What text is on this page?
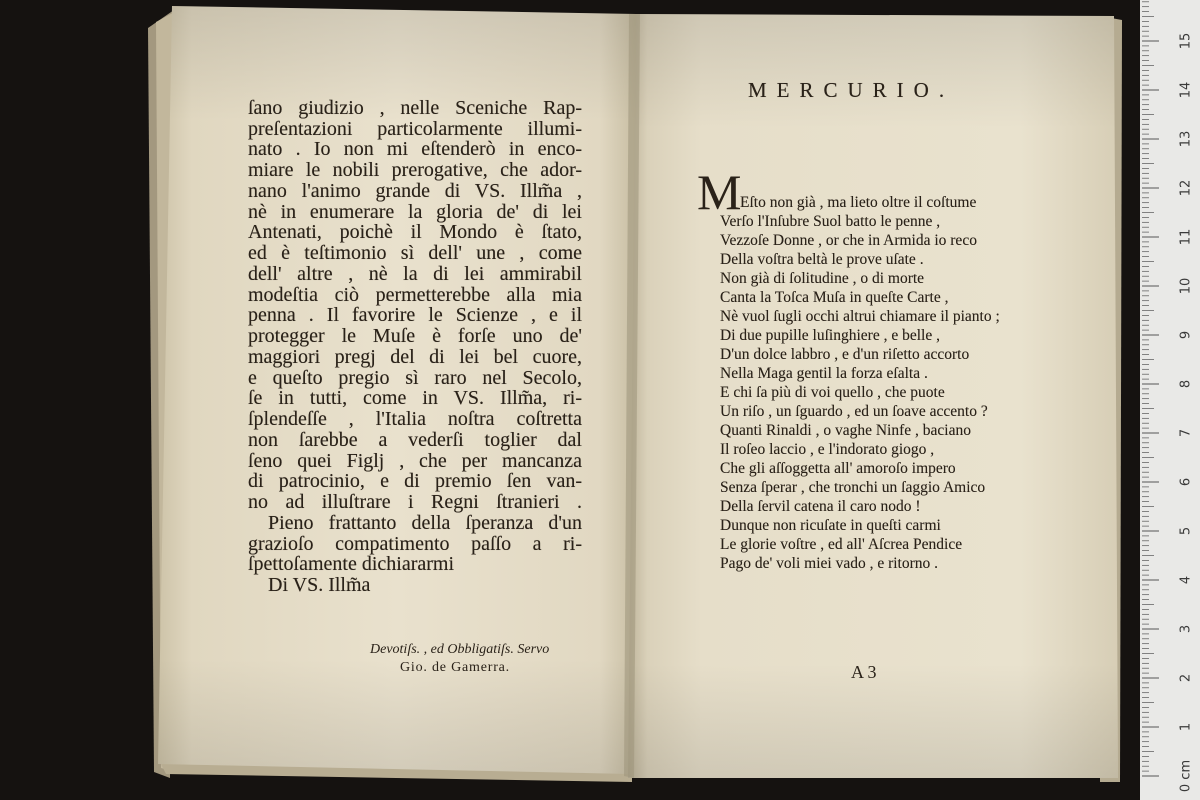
ſano giudizio , nelle Sceniche Rap-
preſentazioni particolarmente illumi-
nato . Io non mi eſtenderò in enco-
miare le nobili prerogative, che ador-
nano l'animo grande di VS. Illm̃a ,
nè in enumerare la gloria de' di lei
Antenati, poichè il Mondo è ſtato,
ed è teſtimonio sì dell' une , come
dell' altre , nè la di lei ammirabil
modeſtia ciò permetterebbe alla mia
penna . Il favorire le Scienze , e il
protegger le Muſe è forſe uno de'
maggiori pregj del di lei bel cuore,
e queſto pregio sì raro nel Secolo,
ſe in tutti, come in VS. Illm̃a, ri-
ſplendeſſe , l'Italia noſtra coſtretta
non ſarebbe a vederſi toglier dal
ſeno quei Figlj , che per mancanza
di patrocinio, e di premio ſen van-
no ad illuſtrare i Regni ſtranieri .
Pieno frattanto della ſperanza d'un
grazioſo compatimento paſſo a ri-
ſpettoſamente dichiararmi
Di VS. Illm̃a
Devotiſs. , ed Obbligatiſs. Servo
Gio. de Gamerra.
MERCURIO.
M
Eſto non già , ma lieto oltre il coſtume
Verſo l'Inſubre Suol batto le penne ,
Vezzoſe Donne , or che in Armida io reco
Della voſtra beltà le prove uſate .
Non già di ſolitudine , o di morte
Canta la Toſca Muſa in queſte Carte ,
Nè vuol ſugli occhi altrui chiamare il pianto ;
Di due pupille luſinghiere , e belle ,
D'un dolce labbro , e d'un riſetto accorto
Nella Maga gentil la forza eſalta .
E chi ſa più di voi quello , che puote
Un riſo , un ſguardo , ed un ſoave accento ?
Quanti Rinaldi , o vaghe Ninfe , baciano
Il roſeo laccio , e l'indorato giogo ,
Che gli aſſoggetta all' amoroſo impero
Senza ſperar , che tronchi un ſaggio Amico
Della ſervil catena il caro nodo !
Dunque non ricuſate in queſti carmi
Le glorie voſtre , ed all' Aſcrea Pendice
Pago de' voli miei vado , e ritorno .
A 3
0 cm
1
2
3
4
5
6
7
8
9
10
11
12
13
14
15
